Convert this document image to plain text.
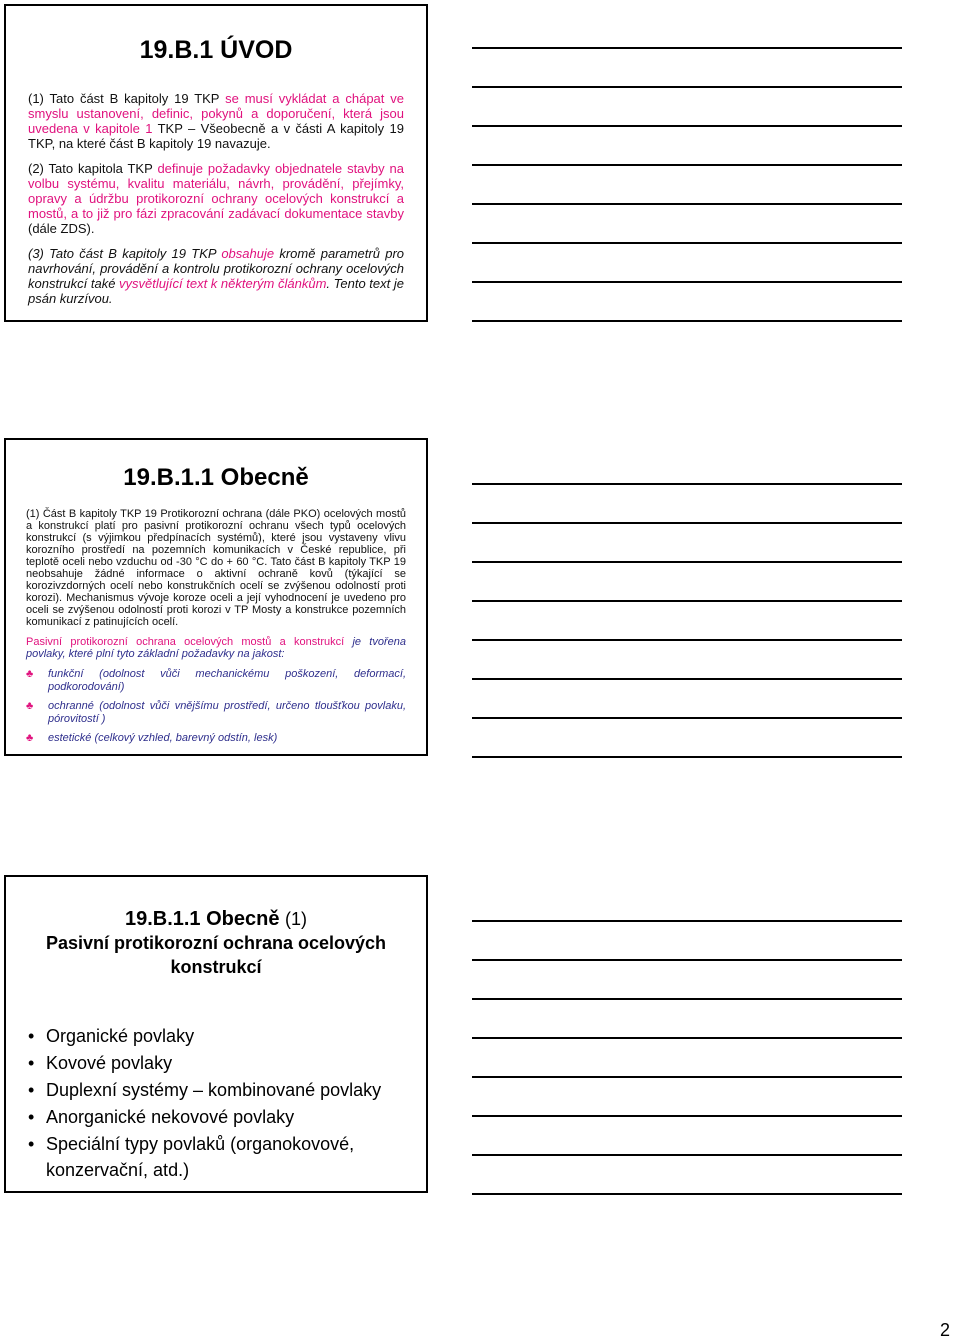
19.B.1 ÚVOD

(1) Tato část B kapitoly 19 TKP se musí vykládat a chápat ve smyslu ustanovení, definic, pokynů a doporučení, která jsou uvedena v kapitole 1 TKP – Všeobecně a v části A kapitoly 19 TKP, na které část B kapitoly 19 navazuje.

(2) Tato kapitola TKP definuje požadavky objednatele stavby na volbu systému, kvalitu materiálu, návrh, provádění, přejímky, opravy a údržbu protikorozní ochrany ocelových konstrukcí a mostů, a to již pro fázi zpracování zadávací dokumentace stavby (dále ZDS).

(3) Tato část B kapitoly 19 TKP obsahuje kromě parametrů pro navrhování, provádění a kontrolu protikorozní ochrany ocelových konstrukcí také vysvětlující text k některým článkům. Tento text je psán kurzívou.

19.B.1.1 Obecně

(1) Část B kapitoly TKP 19 Protikorozní ochrana (dále PKO) ocelových mostů a konstrukcí platí pro pasivní protikorozní ochranu všech typů ocelových konstrukcí (s výjimkou předpínacích systémů), které jsou vystaveny vlivu korozního prostředí na pozemních komunikacích v České republice, při teplotě oceli nebo vzduchu od -30 °C do + 60 °C. Tato část B kapitoly TKP 19 neobsahuje žádné informace o aktivní ochraně kovů (týkající se korozivzdorných ocelí nebo konstrukčních ocelí se zvýšenou odolností proti korozi). Mechanismus vývoje koroze oceli a její vyhodnocení je uvedeno pro oceli se zvýšenou odolností proti korozi v TP Mosty a konstrukce pozemních komunikací z patinujících ocelí.

Pasivní protikorozní ochrana ocelových mostů a konstrukcí je tvořena povlaky, které plní tyto základní požadavky na jakost:

♣ funkční (odolnost vůči mechanickému poškození, deformací, podkorodování)
♣ ochranné (odolnost vůči vnějšímu prostředí, určeno tloušťkou povlaku, pórovitostí )
♣ estetické (celkový vzhled, barevný odstín, lesk)
19.B.1.1 Obecně (1)

Pasivní protikorozní ochrana ocelových konstrukcí

• Organické povlaky
• Kovové povlaky
• Duplexní systémy – kombinované povlaky
• Anorganické nekovové povlaky
• Speciální typy povlaků (organokovové, konzervační, atd.)
2
